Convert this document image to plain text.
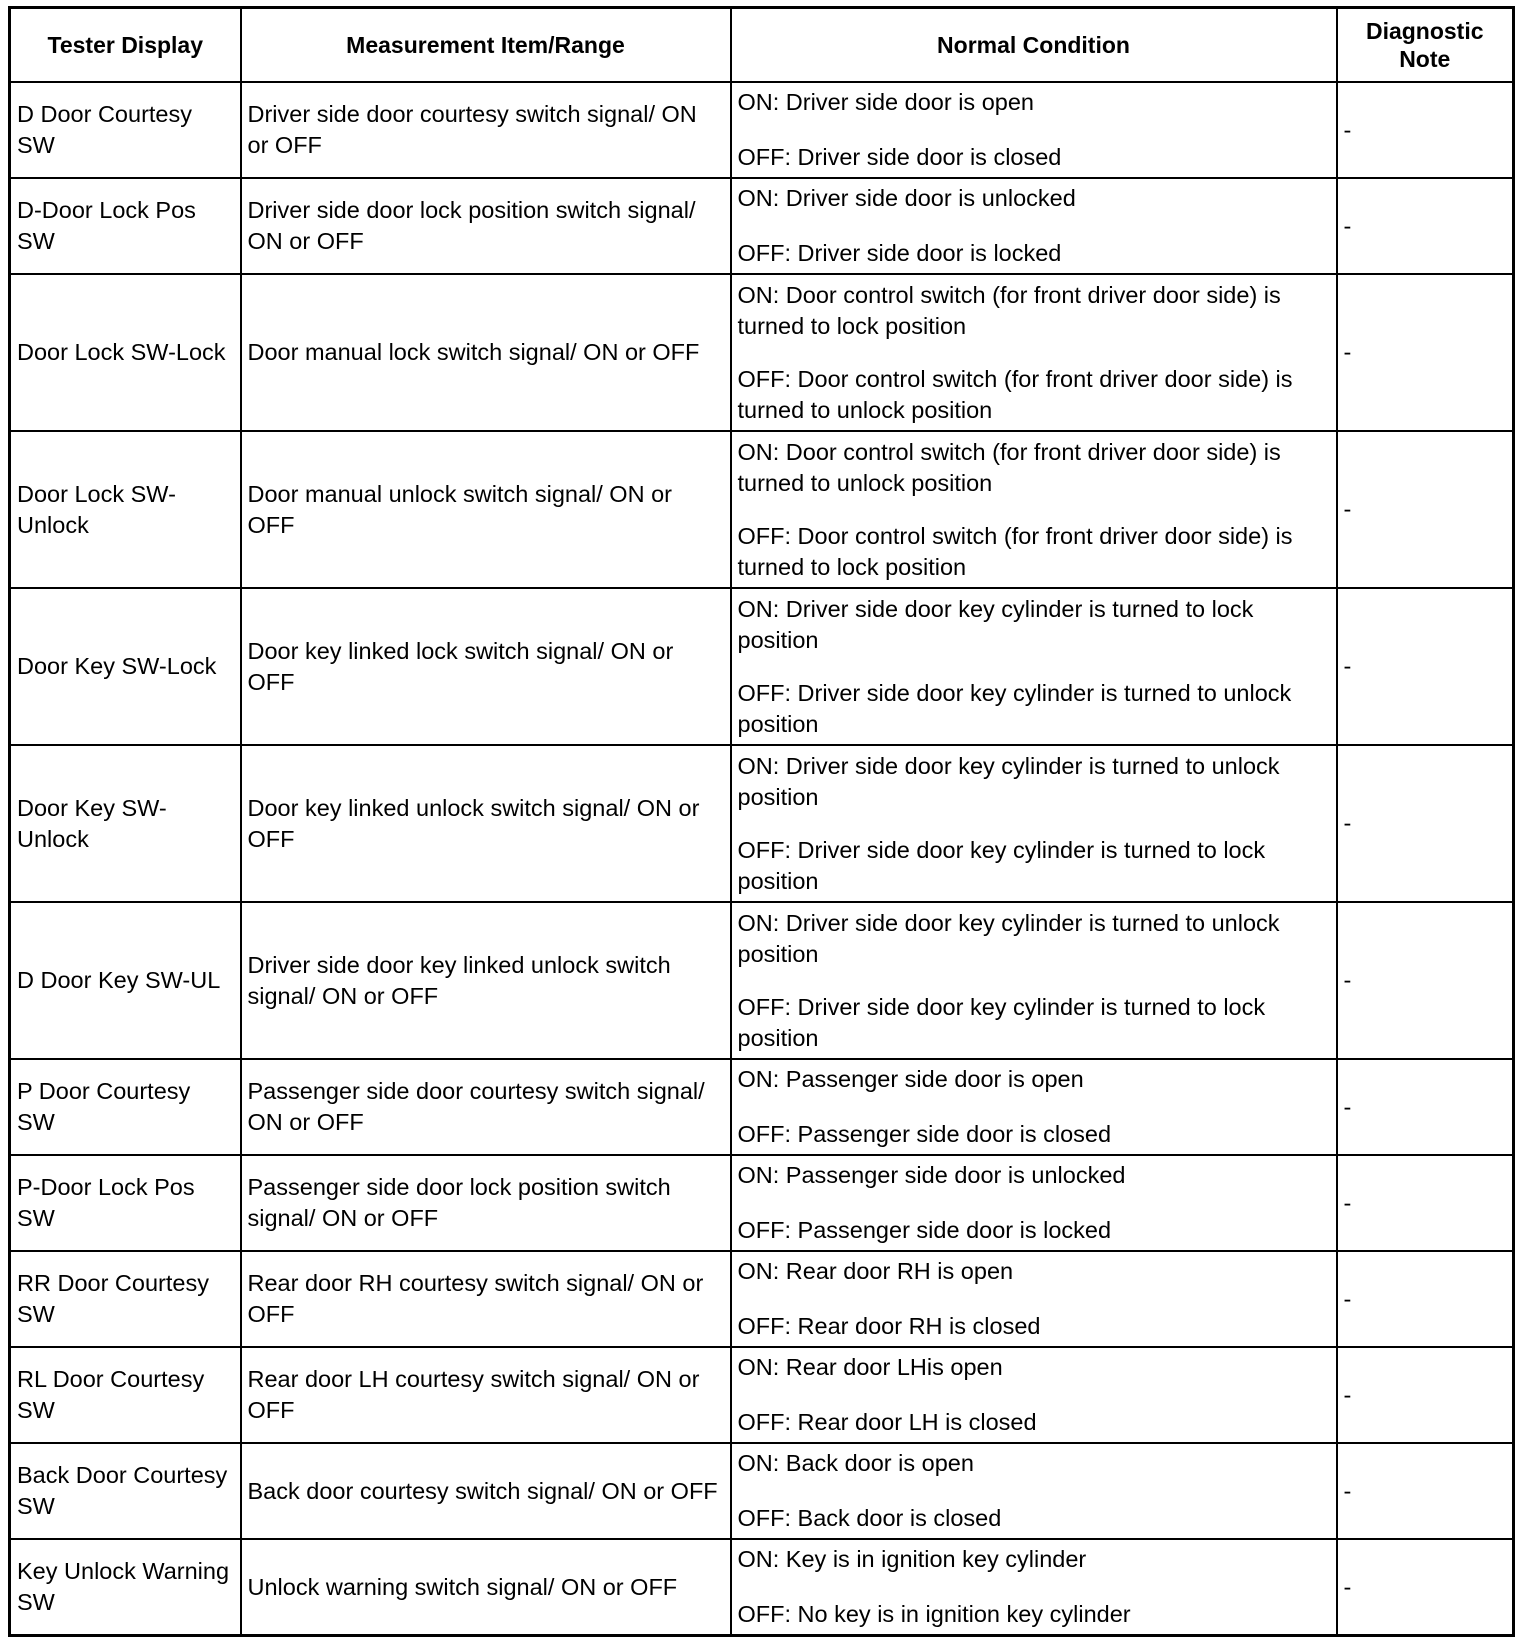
Tester Display	Measurement Item/Range	Normal Condition	Diagnostic Note
D Door Courtesy SW	Driver side door courtesy switch signal/ ON or OFF	ON: Driver side door is open
OFF: Driver side door is closed	-
D-Door Lock Pos SW	Driver side door lock position switch signal/ ON or OFF	ON: Driver side door is unlocked
OFF: Driver side door is locked	-
Door Lock SW-Lock	Door manual lock switch signal/ ON or OFF	ON: Door control switch (for front driver door side) is turned to lock position
OFF: Door control switch (for front driver door side) is turned to unlock position	-
Door Lock SW-Unlock	Door manual unlock switch signal/ ON or OFF	ON: Door control switch (for front driver door side) is turned to unlock position
OFF: Door control switch (for front driver door side) is turned to lock position	-
Door Key SW-Lock	Door key linked lock switch signal/ ON or OFF	ON: Driver side door key cylinder is turned to lock position
OFF: Driver side door key cylinder is turned to unlock position	-
Door Key SW-Unlock	Door key linked unlock switch signal/ ON or OFF	ON: Driver side door key cylinder is turned to unlock position
OFF: Driver side door key cylinder is turned to lock position	-
D Door Key SW-UL	Driver side door key linked unlock switch signal/ ON or OFF	ON: Driver side door key cylinder is turned to unlock position
OFF: Driver side door key cylinder is turned to lock position	-
P Door Courtesy SW	Passenger side door courtesy switch signal/ ON or OFF	ON: Passenger side door is open
OFF: Passenger side door is closed	-
P-Door Lock Pos SW	Passenger side door lock position switch signal/ ON or OFF	ON: Passenger side door is unlocked
OFF: Passenger side door is locked	-
RR Door Courtesy SW	Rear door RH courtesy switch signal/ ON or OFF	ON: Rear door RH is open
OFF: Rear door RH is closed	-
RL Door Courtesy SW	Rear door LH courtesy switch signal/ ON or OFF	ON: Rear door LHis open
OFF: Rear door LH is closed	-
Back Door Courtesy SW	Back door courtesy switch signal/ ON or OFF	ON: Back door is open
OFF: Back door is closed	-
Key Unlock Warning SW	Unlock warning switch signal/ ON or OFF	ON: Key is in ignition key cylinder
OFF: No key is in ignition key cylinder	-
